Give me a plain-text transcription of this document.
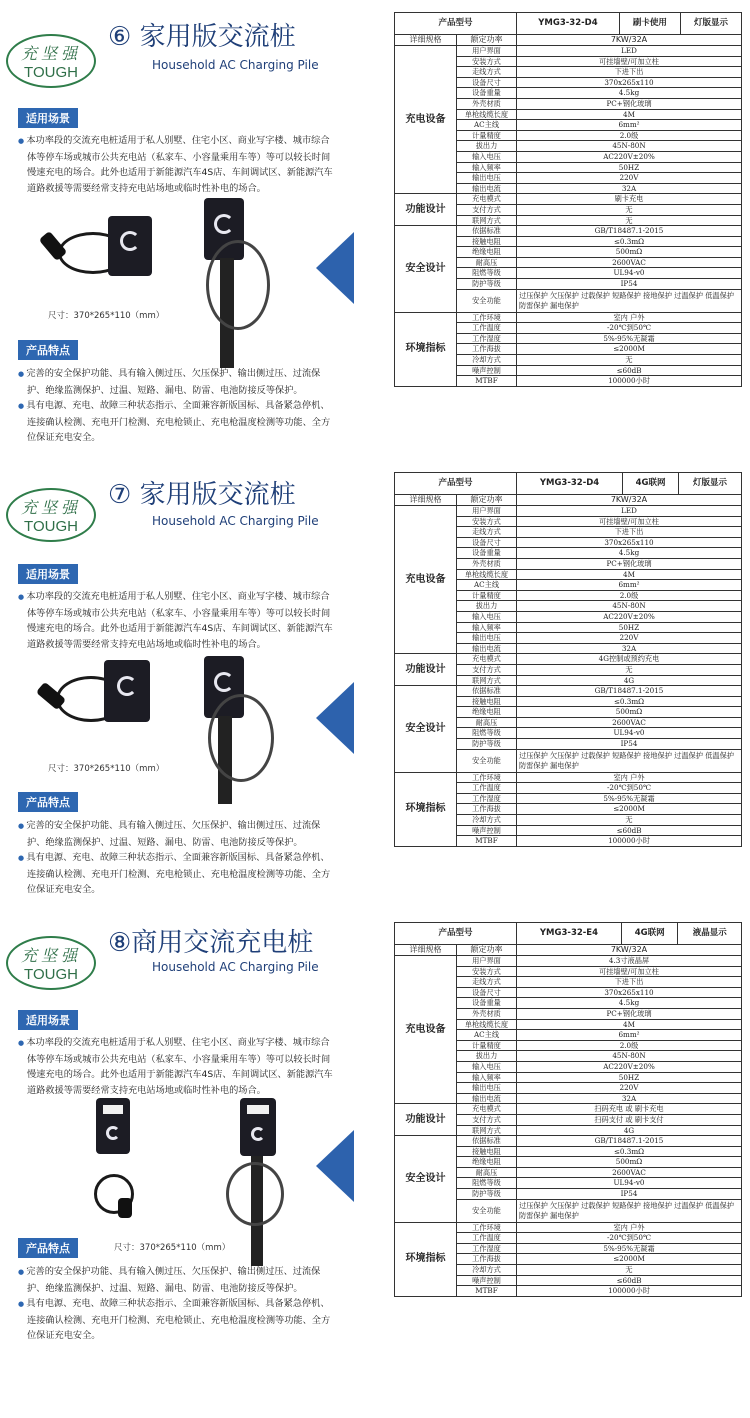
充坚强
TOUGH
⑥ 家用版交流桩
Household AC Charging Pile
适用场景

● 本功率段的交流充电桩适用于私人别墅、住宅小区、商业写字楼、城市综合体等停车场或城市公共充电站（私家车、小容量乘用车等）等可以较长时间慢速充电的场合。此外也适用于新能源汽车4S店、车间调试区、新能源汽车道路救援等需要经常支持充电站场地或临时性补电的场合。

尺寸：370*265*110（mm）
产品特点

● 完善的安全保护功能、具有输入侧过压、欠压保护、输出侧过压、过流保护、绝缘监测保护、过温、短路、漏电、防雷、电池防接反等保护。

● 具有电源、充电、故障三种状态指示、全面兼容新版国标、具备紧急停机、连接确认检测、充电开门检测、充电枪锁止、充电枪温度检测等功能、全方位保证充电安全。

产品型号		YMG3-32-D4	刷卡使用	灯版显示
详细规格	额定功率	7KW/32A		
充电设备	用户界面	LED		
	安装方式	可挂墙壁/可加立柱		
	走线方式	下进下出		
	设备尺寸	370x265x110		
	设备重量	4.5kg		
	外壳材质	PC+钢化玻璃		
	单枪线缆长度	4M		
	AC主线	6mm²		
	计量精度	2.0级		
	拔出力	45N-80N		
	输入电压	AC220V±20%		
	输入频率	50HZ		
	输出电压	220V		
	输出电流	32A		
功能设计	充电模式	刷卡充电		
	支付方式	无		
	联网方式	无		
安全设计	依据标准	GB/T18487.1-2015		
	接触电阻	≤0.3mΩ		
	绝缘电阻	500mΩ		
	耐高压	2600VAC		
	阻燃等级	UL94-v0		
	防护等级	IP54		
	安全功能	过压保护 欠压保护 过载保护 短路保护 接地保护 过温保护 低温保护 防雷保护 漏电保护		
环境指标	工作环境	室内 户外		
	工作温度	-20℃到50℃		
	工作湿度	5%-95%无凝霜		
	工作海拔	≤2000M		
	冷却方式	无		
	噪声控制	≤60dB		
	MTBF	100000小时		
充坚强
TOUGH
⑦ 家用版交流桩
Household AC Charging Pile
适用场景

● 本功率段的交流充电桩适用于私人别墅、住宅小区、商业写字楼、城市综合体等停车场或城市公共充电站（私家车、小容量乘用车等）等可以较长时间慢速充电的场合。此外也适用于新能源汽车4S店、车间调试区、新能源汽车道路救援等需要经常支持充电站场地或临时性补电的场合。

尺寸：370*265*110（mm）
产品特点

● 完善的安全保护功能、具有输入侧过压、欠压保护、输出侧过压、过流保护、绝缘监测保护、过温、短路、漏电、防雷、电池防接反等保护。

● 具有电源、充电、故障三种状态指示、全面兼容新版国标、具备紧急停机、连接确认检测、充电开门检测、充电枪锁止、充电枪温度检测等功能、全方位保证充电安全。

产品型号		YMG3-32-D4	4G联网	灯版显示
详细规格	额定功率	7KW/32A		
充电设备	用户界面	LED		
	安装方式	可挂墙壁/可加立柱		
	走线方式	下进下出		
	设备尺寸	370x265x110		
	设备重量	4.5kg		
	外壳材质	PC+钢化玻璃		
	单枪线缆长度	4M		
	AC主线	6mm²		
	计量精度	2.0级		
	拔出力	45N-80N		
	输入电压	AC220V±20%		
	输入频率	50HZ		
	输出电压	220V		
	输出电流	32A		
功能设计	充电模式	4G控制或预约充电		
	支付方式	无		
	联网方式	4G		
安全设计	依据标准	GB/T18487.1-2015		
	接触电阻	≤0.3mΩ		
	绝缘电阻	500mΩ		
	耐高压	2600VAC		
	阻燃等级	UL94-v0		
	防护等级	IP54		
	安全功能	过压保护 欠压保护 过载保护 短路保护 接地保护 过温保护 低温保护 防雷保护 漏电保护		
环境指标	工作环境	室内 户外		
	工作温度	-20℃到50℃		
	工作湿度	5%-95%无凝霜		
	工作海拔	≤2000M		
	冷却方式	无		
	噪声控制	≤60dB		
	MTBF	100000小时		
充坚强
TOUGH
⑧商用交流充电桩
Household AC Charging Pile
适用场景

● 本功率段的交流充电桩适用于私人别墅、住宅小区、商业写字楼、城市综合体等停车场或城市公共充电站（私家车、小容量乘用车等）等可以较长时间慢速充电的场合。此外也适用于新能源汽车4S店、车间调试区、新能源汽车道路救援等需要经常支持充电站场地或临时性补电的场合。

产品特点	尺寸：370*265*110（mm）

● 完善的安全保护功能、具有输入侧过压、欠压保护、输出侧过压、过流保护、绝缘监测保护、过温、短路、漏电、防雷、电池防接反等保护。

● 具有电源、充电、故障三种状态指示、全面兼容新版国标、具备紧急停机、连接确认检测、充电开门检测、充电枪锁止、充电枪温度检测等功能、全方位保证充电安全。

产品型号		YMG3-32-E4	4G联网	液晶显示
详细规格	额定功率	7KW/32A		
充电设备	用户界面	4.3寸液晶屏		
	安装方式	可挂墙壁/可加立柱		
	走线方式	下进下出		
	设备尺寸	370x265x110		
	设备重量	4.5kg		
	外壳材质	PC+钢化玻璃		
	单枪线缆长度	4M		
	AC主线	6mm²		
	计量精度	2.0级		
	拔出力	45N-80N		
	输入电压	AC220V±20%		
	输入频率	50HZ		
	输出电压	220V		
	输出电流	32A		
功能设计	充电模式	扫码充电 或 刷卡充电		
	支付方式	扫码支付 或 刷卡支付		
	联网方式	4G		
安全设计	依据标准	GB/T18487.1-2015		
	接触电阻	≤0.3mΩ		
	绝缘电阻	500mΩ		
	耐高压	2600VAC		
	阻燃等级	UL94-v0		
	防护等级	IP54		
	安全功能	过压保护 欠压保护 过载保护 短路保护 接地保护 过温保护 低温保护 防雷保护 漏电保护		
环境指标	工作环境	室内 户外		
	工作温度	-20℃到50℃		
	工作湿度	5%-95%无凝霜		
	工作海拔	≤2000M		
	冷却方式	无		
	噪声控制	≤60dB		
	MTBF	100000小时		
